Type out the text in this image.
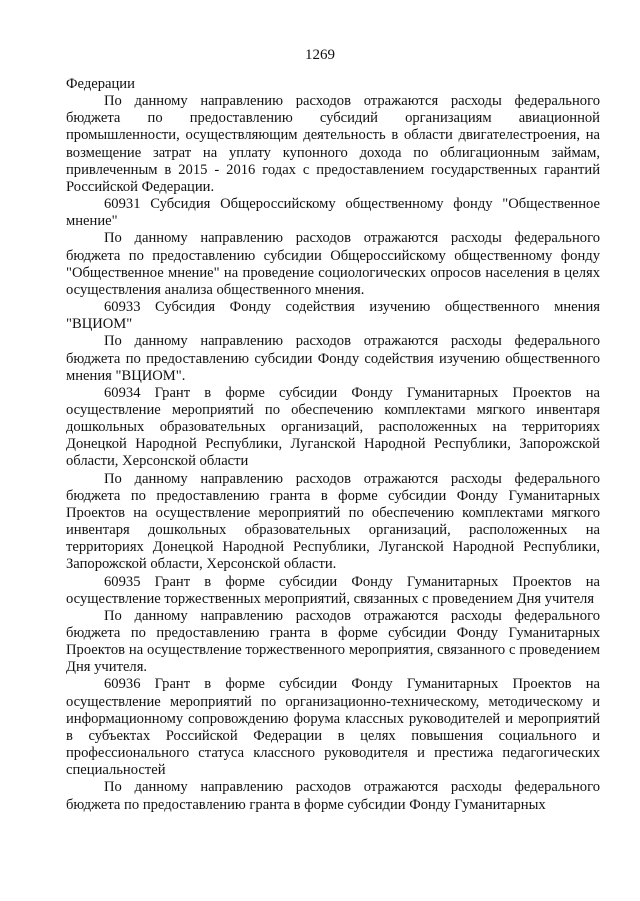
1269

Федерации

По данному направлению расходов отражаются расходы федерального бюджета по предоставлению субсидий организациям авиационной промышленности, осуществляющим деятельность в области двигателестроения, на возмещение затрат на уплату купонного дохода по облигационным займам, привлеченным в 2015 - 2016 годах с предоставлением государственных гарантий Российской Федерации.

60931 Субсидия Общероссийскому общественному фонду "Общественное мнение"

По данному направлению расходов отражаются расходы федерального бюджета по предоставлению субсидии Общероссийскому общественному фонду "Общественное мнение" на проведение социологических опросов населения в целях осуществления анализа общественного мнения.

60933 Субсидия Фонду содействия изучению общественного мнения "ВЦИОМ"

По данному направлению расходов отражаются расходы федерального бюджета по предоставлению субсидии Фонду содействия изучению общественного мнения "ВЦИОМ".

60934 Грант в форме субсидии Фонду Гуманитарных Проектов на осуществление мероприятий по обеспечению комплектами мягкого инвентаря дошкольных образовательных организаций, расположенных на территориях Донецкой Народной Республики, Луганской Народной Республики, Запорожской области, Херсонской области

По данному направлению расходов отражаются расходы федерального бюджета по предоставлению гранта в форме субсидии Фонду Гуманитарных Проектов на осуществление мероприятий по обеспечению комплектами мягкого инвентаря дошкольных образовательных организаций, расположенных на территориях Донецкой Народной Республики, Луганской Народной Республики, Запорожской области, Херсонской области.

60935 Грант в форме субсидии Фонду Гуманитарных Проектов на осуществление торжественных мероприятий, связанных с проведением Дня учителя

По данному направлению расходов отражаются расходы федерального бюджета по предоставлению гранта в форме субсидии Фонду Гуманитарных Проектов на осуществление торжественного мероприятия, связанного с проведением Дня учителя.

60936 Грант в форме субсидии Фонду Гуманитарных Проектов на осуществление мероприятий по организационно-техническому, методическому и информационному сопровождению форума классных руководителей и мероприятий в субъектах Российской Федерации в целях повышения социального и профессионального статуса классного руководителя и престижа педагогических специальностей

По данному направлению расходов отражаются расходы федерального бюджета по предоставлению гранта в форме субсидии Фонду Гуманитарных
